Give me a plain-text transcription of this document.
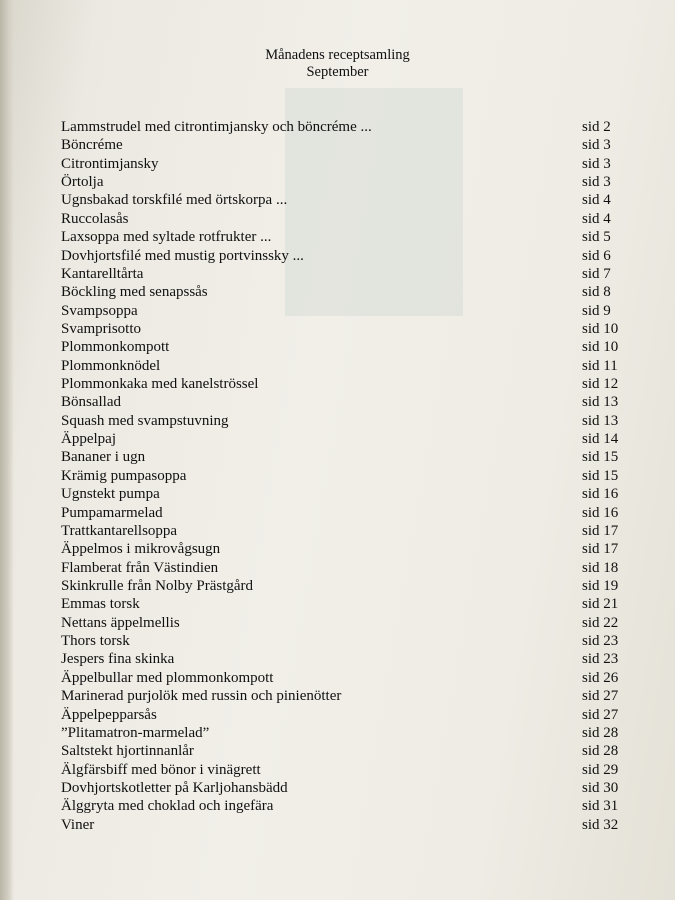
Månadens receptsamling
September
Lammstrudel med citrontimjansky och böncréme ...	sid 2
Böncréme	sid 3
Citrontimjansky	sid 3
Örtolja	sid 3
Ugnsbakad torskfilé med örtskorpa ...	sid 4
Ruccolasås	sid 4
Laxsoppa med syltade rotfrukter ...	sid 5
Dovhjortsfilé med mustig portvinssky ...	sid 6
Kantarelltårta	sid 7
Böckling med senapssås	sid 8
Svampsoppa	sid 9
Svamprisotto	sid 10
Plommonkompott	sid 10
Plommonknödel	sid 11
Plommonkaka med kanelströssel	sid 12
Bönsallad	sid 13
Squash med svampstuvning	sid 13
Äppelpaj	sid 14
Bananer i ugn	sid 15
Krämig pumpasoppa	sid 15
Ugnstekt pumpa	sid 16
Pumpamarmelad	sid 16
Trattkantarellsoppa	sid 17
Äppelmos i mikrovågsugn	sid 17
Flamberat från Västindien	sid 18
Skinkrulle från Nolby Prästgård	sid 19
Emmas torsk	sid 21
Nettans äppelmellis	sid 22
Thors torsk	sid 23
Jespers fina skinka	sid 23
Äppelbullar med plommonkompott	sid 26
Marinerad purjolök med russin och pinienötter	sid 27
Äppelpepparsås	sid 27
”Plitamatron-marmelad”	sid 28
Saltstekt hjortinnanlår	sid 28
Älgfärsbiff med bönor i vinägrett	sid 29
Dovhjortskotletter på Karljohansbädd	sid 30
Älggryta med choklad och ingefära	sid 31
Viner	sid 32
